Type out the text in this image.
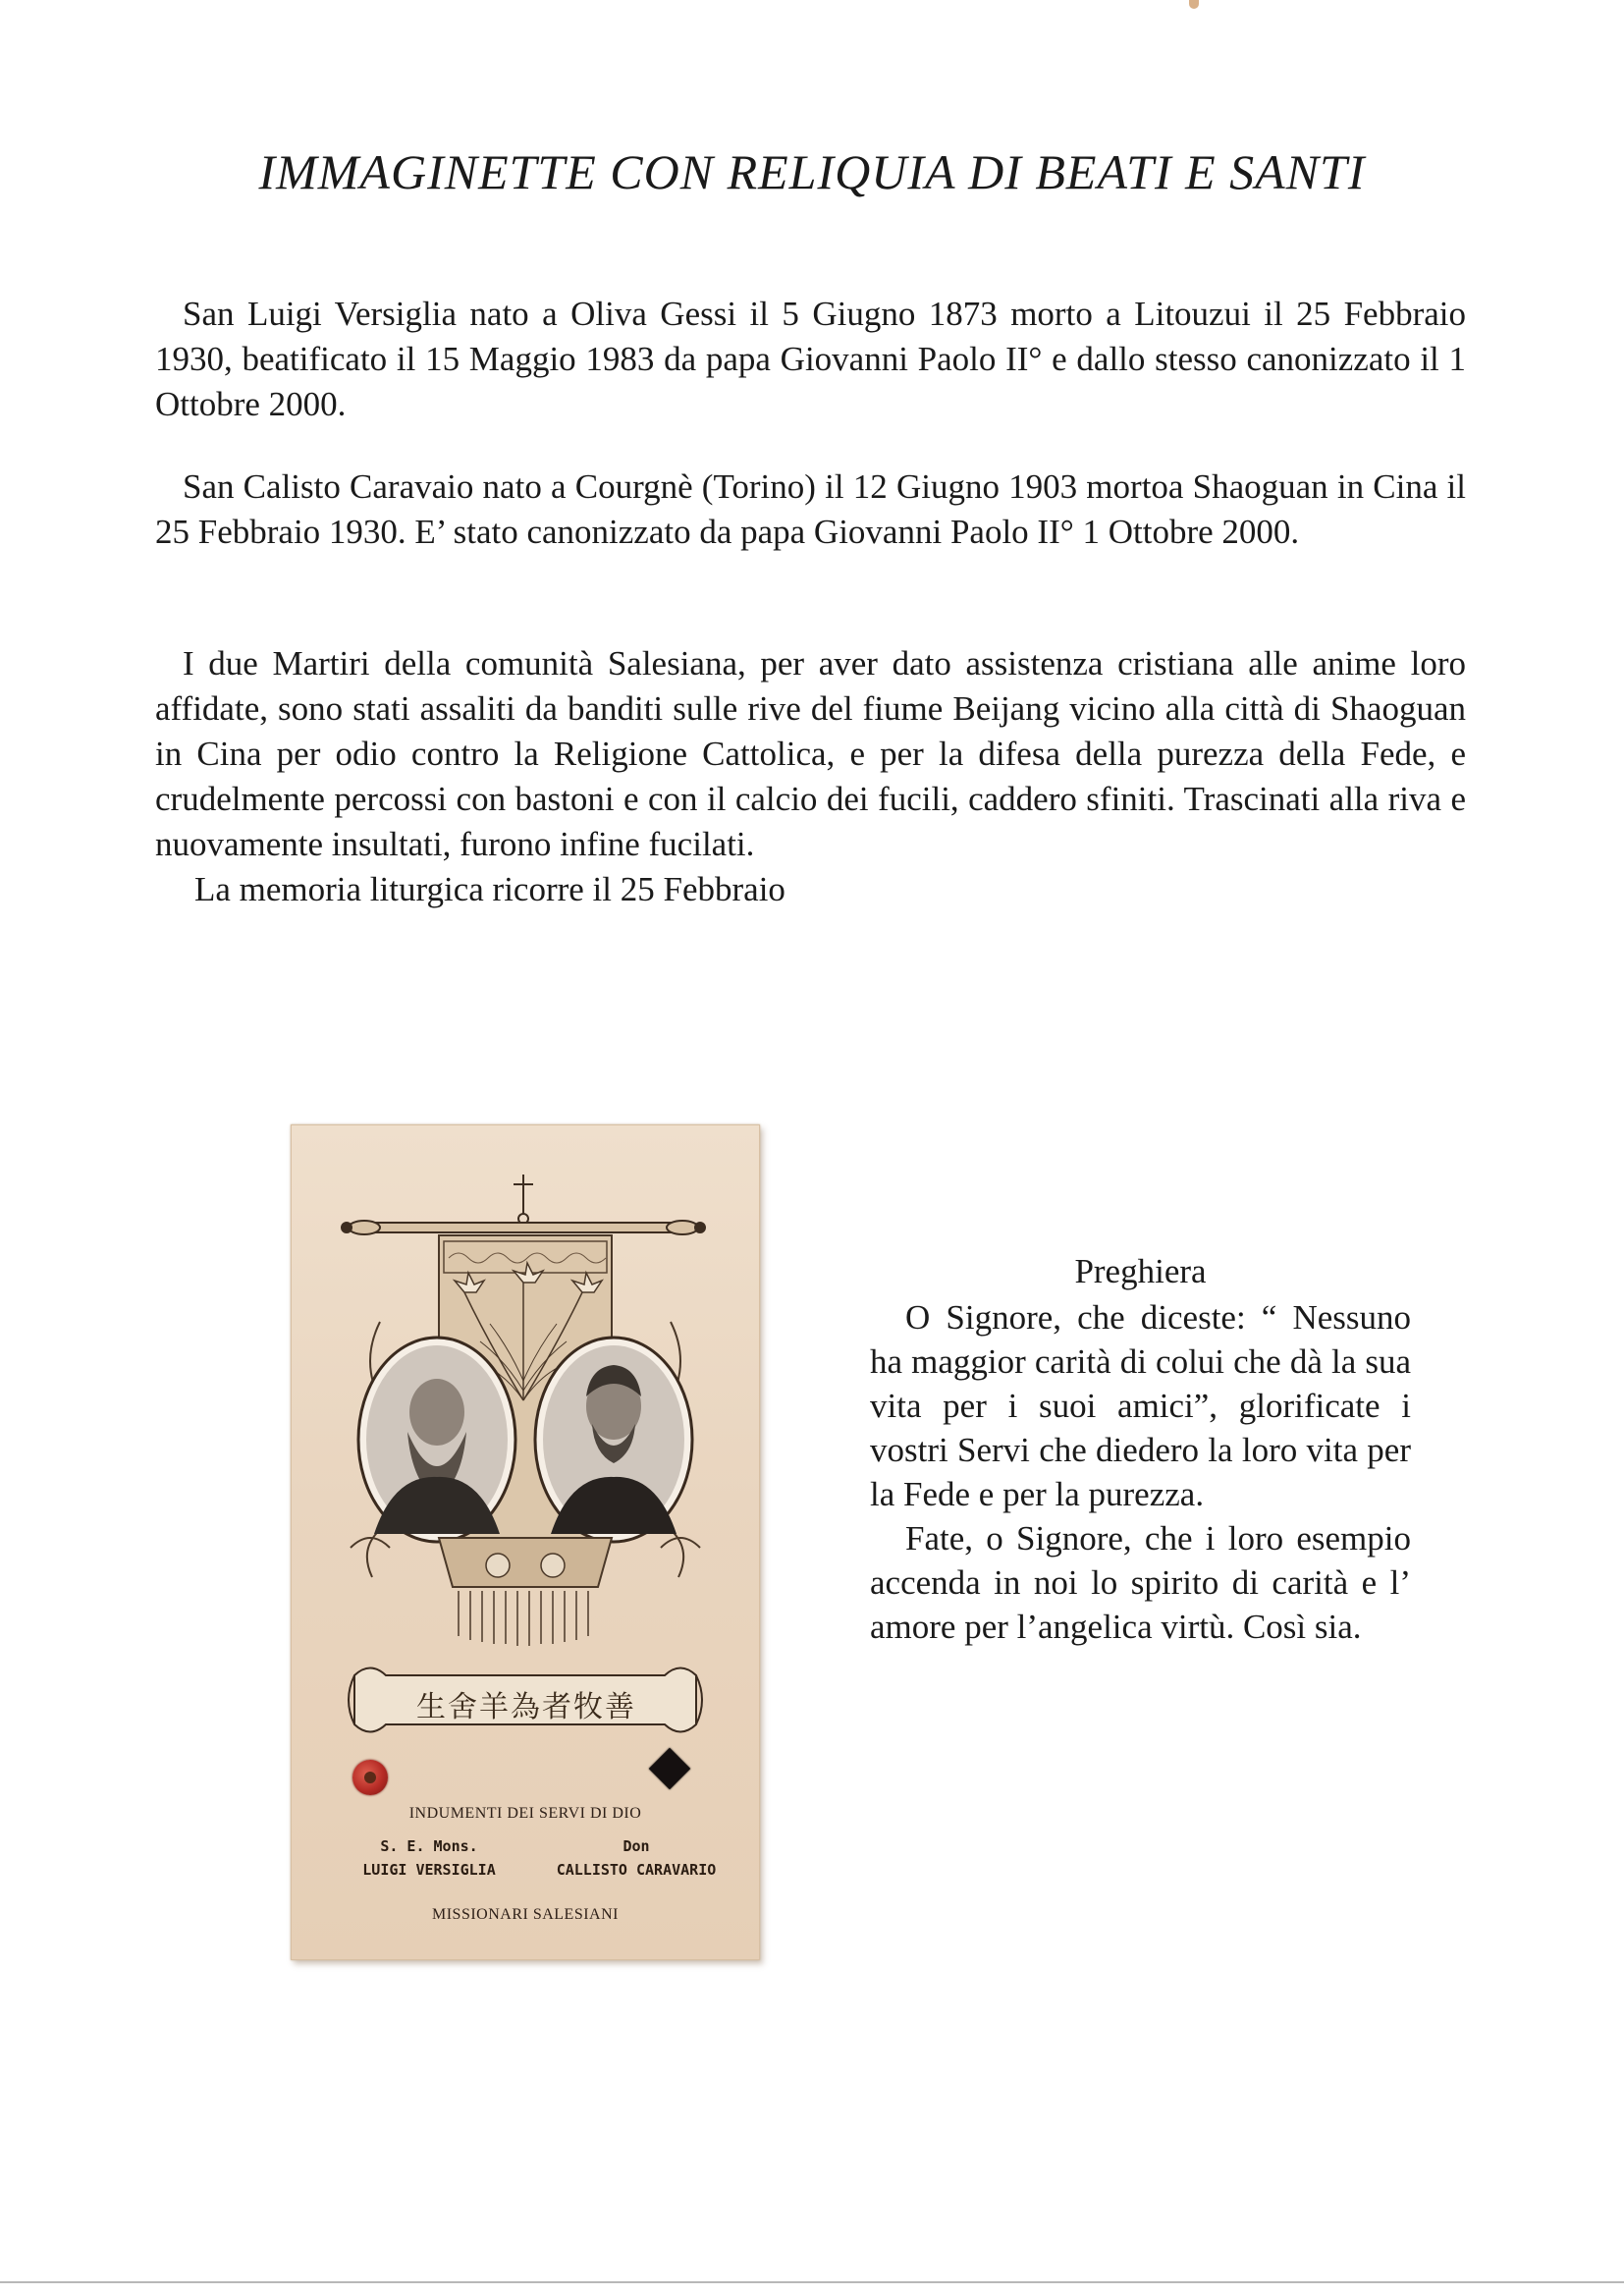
IMMAGINETTE CON RELIQUIA DI BEATI E SANTI

San Luigi Versiglia nato a Oliva Gessi il 5 Giugno 1873 morto a Litouzui il 25 Febbraio 1930, beatificato il 15 Maggio 1983 da papa Giovanni Paolo II° e dallo stesso canonizzato il 1 Ottobre 2000.

San Calisto Caravaio nato a Courgnè (Torino) il 12 Giugno 1903 mortoa Shaoguan in Cina il 25 Febbraio 1930. E’ stato canonizzato da papa Giovanni Paolo II° 1 Ottobre 2000.

I due Martiri della comunità Salesiana, per aver dato assistenza cristiana alle anime loro affidate, sono stati assaliti da banditi sulle rive del fiume Beijang vicino alla città di Shaoguan in Cina per odio contro la Religione Cattolica, e per la difesa della purezza della Fede, e crudelmente percossi con bastoni e con il calcio dei fucili, caddero sfiniti. Trascinati alla riva e nuovamente insultati, furono infine fucilati.

La memoria liturgica ricorre il 25 Febbraio

生舍羊為者牧善
INDUMENTI DEI SERVI DI DIO
S. E. Mons.
LUIGI VERSIGLIA
Don
CALLISTO CARAVARIO
MISSIONARI SALESIANI
Preghiera

O Signore, che diceste: “ Nessuno ha maggior carità di colui che dà la sua vita per i suoi amici”, glorificate i vostri Servi che diedero la loro vita per la Fede e per la purezza.

Fate, o Signore, che i loro esempio accenda in noi lo spirito di carità e l’ amore per l’angelica virtù. Così sia.
